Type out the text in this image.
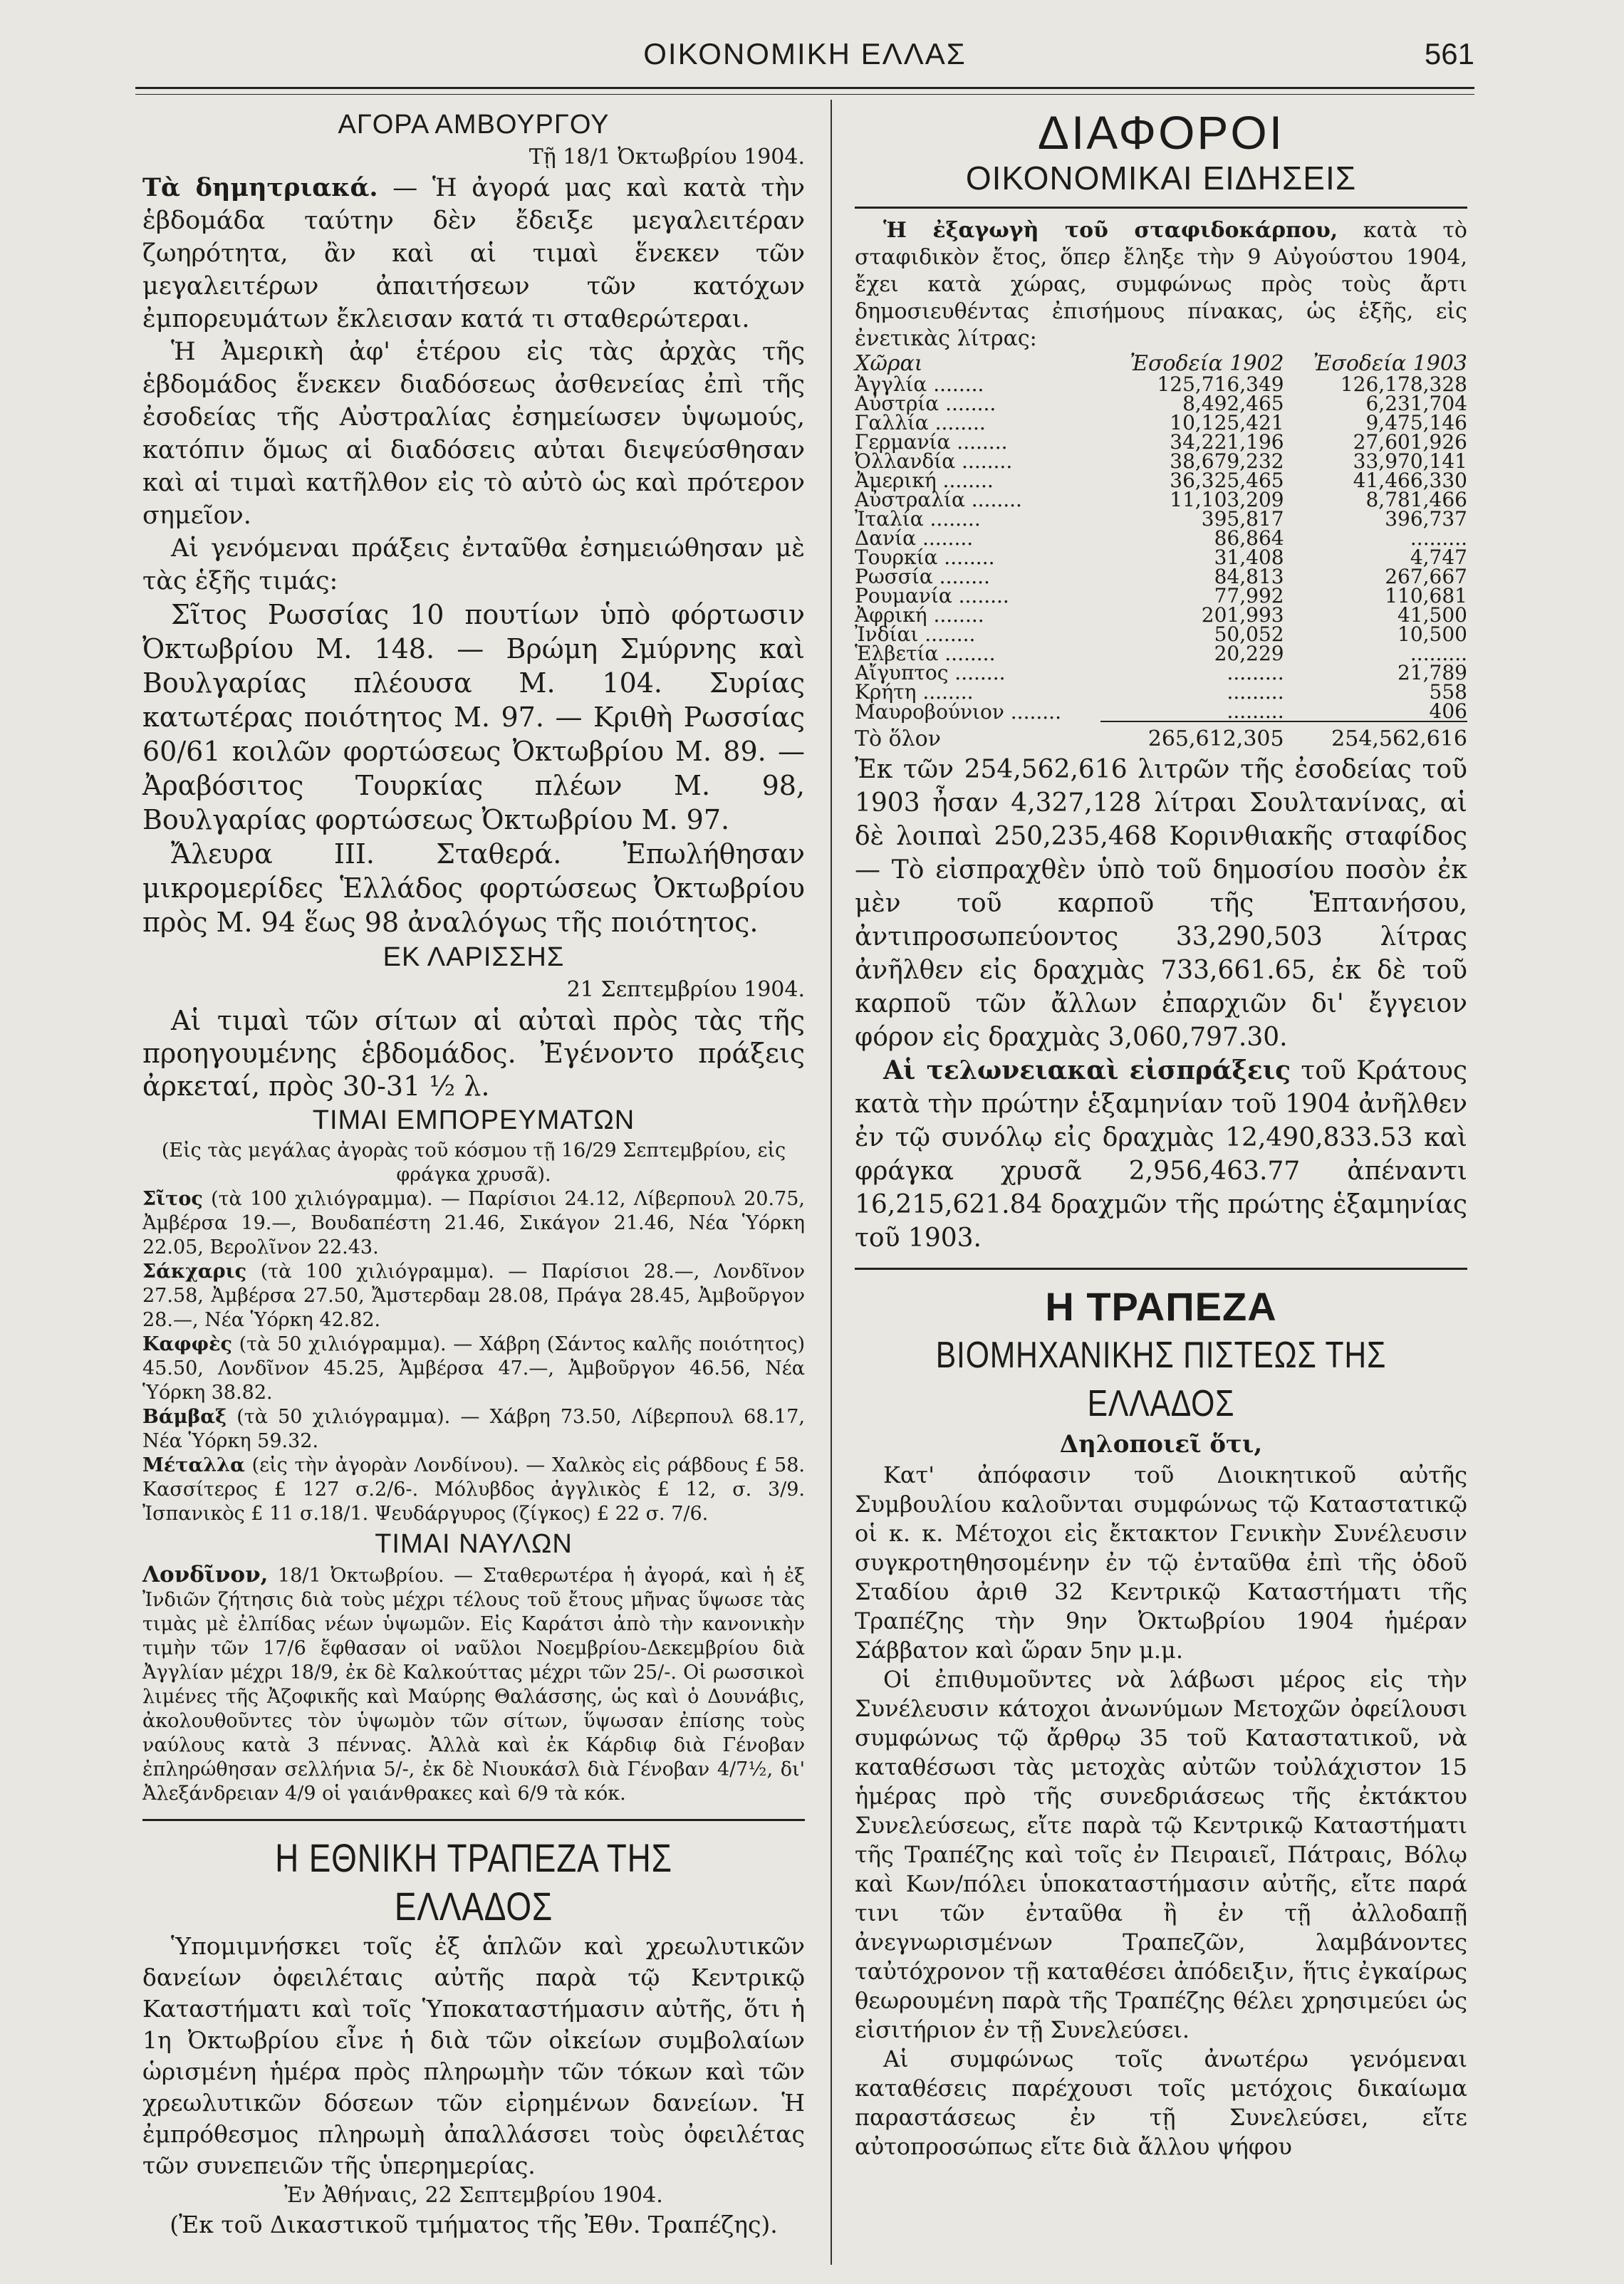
ΟΙΚΟΝΟΜΙΚΗ ΕΛΛΑΣ	561
ΑΓΟΡΑ ΑΜΒΟΥΡΓΟΥ
Τῇ 18/1 Ὀκτωβρίου 1904.

Τὰ δημητριακά. — Ἡ ἀγορά μας καὶ κατὰ τὴν ἑβδομάδα ταύτην δὲν ἔδειξε μεγαλειτέραν ζωηρότητα, ἂν καὶ αἱ τιμαὶ ἕνεκεν τῶν μεγαλειτέρων ἀπαιτήσεων τῶν κατόχων ἐμπορευμάτων ἔκλεισαν κατά τι σταθερώτεραι.

Ἡ Ἀμερικὴ ἀφ' ἑτέρου εἰς τὰς ἀρχὰς τῆς ἑβδομάδος ἕνεκεν διαδόσεως ἀσθενείας ἐπὶ τῆς ἐσοδείας τῆς Αὐστραλίας ἐσημείωσεν ὑψωμούς, κατόπιν ὅμως αἱ διαδόσεις αὐται διεψεύσθησαν καὶ αἱ τιμαὶ κατῆλθον εἰς τὸ αὐτὸ ὡς καὶ πρότερον σημεῖον.

Αἱ γενόμεναι πράξεις ἐνταῦθα ἐσημειώθησαν μὲ τὰς ἑξῆς τιμάς:

Σῖτος Ρωσσίας 10 πουτίων ὑπὸ φόρτωσιν Ὀκτωβρίου Μ. 148. — Βρώμη Σμύρνης καὶ Βουλγαρίας πλέουσα Μ. 104. Συρίας κατωτέρας ποιότητος Μ. 97. — Κριθὴ Ρωσσίας 60/61 κοιλῶν φορτώσεως Ὀκτωβρίου Μ. 89. — Ἀραβόσιτος Τουρκίας πλέων Μ. 98, Βουλγαρίας φορτώσεως Ὀκτωβρίου Μ. 97.

Ἄλευρα III. Σταθερά. Ἐπωλήθησαν μικρομερίδες Ἑλλάδος φορτώσεως Ὀκτωβρίου πρὸς Μ. 94 ἕως 98 ἀναλόγως τῆς ποιότητος.

ΕΚ ΛΑΡΙΣΣΗΣ
21 Σεπτεμβρίου 1904.

Αἱ τιμαὶ τῶν σίτων αἱ αὐταὶ πρὸς τὰς τῆς προηγουμένης ἑβδομάδος. Ἐγένοντο πράξεις ἀρκεταί, πρὸς 30-31 ½ λ.

ΤΙΜΑΙ ΕΜΠΟΡΕΥΜΑΤΩΝ

(Εἰς τὰς μεγάλας ἀγορὰς τοῦ κόσμου τῇ 16/29 Σεπτεμβρίου, εἰς φράγκα χρυσᾶ).

Σῖτος (τὰ 100 χιλιόγραμμα). — Παρίσιοι 24.12, Λίβερπουλ 20.75, Ἀμβέρσα 19.—, Βουδαπέστη 21.46, Σικάγον 21.46, Νέα Ὑόρκη 22.05, Βερολῖνον 22.43.

Σάκχαρις (τὰ 100 χιλιόγραμμα). — Παρίσιοι 28.—, Λονδῖνον 27.58, Ἀμβέρσα 27.50, Ἄμστερδαμ 28.08, Πράγα 28.45, Ἀμβοῦργον 28.—, Νέα Ὑόρκη 42.82.

Καφφὲς (τὰ 50 χιλιόγραμμα). — Χάβρη (Σάντος καλῆς ποιότητος) 45.50, Λονδῖνον 45.25, Ἀμβέρσα 47.—, Ἀμβοῦργον 46.56, Νέα Ὑόρκη 38.82.

Βάμβαξ (τὰ 50 χιλιόγραμμα). — Χάβρη 73.50, Λίβερπουλ 68.17, Νέα Ὑόρκη 59.32.

Μέταλλα (εἰς τὴν ἀγορὰν Λονδίνου). — Χαλκὸς εἰς ράβδους £ 58. Κασσίτερος £ 127 σ.2/6-. Μόλυβδος ἀγγλικὸς £ 12, σ. 3/9. Ἰσπανικὸς £ 11 σ.18/1. Ψευδάργυρος (ζίγκος) £ 22 σ. 7/6.

ΤΙΜΑΙ ΝΑΥΛΩΝ

Λονδῖνον, 18/1 Ὀκτωβρίου. — Σταθερωτέρα ἡ ἀγορά, καὶ ἡ ἐξ Ἰνδιῶν ζήτησις διὰ τοὺς μέχρι τέλους τοῦ ἔτους μῆνας ὕψωσε τὰς τιμὰς μὲ ἐλπίδας νέων ὑψωμῶν. Εἰς Καράτσι ἀπὸ τὴν κανονικὴν τιμὴν τῶν 17/6 ἔφθασαν οἱ ναῦλοι Νοεμβρίου-Δεκεμβρίου διὰ Ἀγγλίαν μέχρι 18/9, ἐκ δὲ Καλκούττας μέχρι τῶν 25/-. Οἱ ρωσσικοὶ λιμένες τῆς Ἀζοφικῆς καὶ Μαύρης Θαλάσσης, ὡς καὶ ὁ Δουνάβις, ἀκολουθοῦντες τὸν ὑψωμὸν τῶν σίτων, ὕψωσαν ἐπίσης τοὺς ναύλους κατὰ 3 πέννας. Ἀλλὰ καὶ ἐκ Κάρδιφ διὰ Γένοβαν ἐπληρώθησαν σελλήνια 5/-, ἐκ δὲ Νιουκάσλ διὰ Γένοβαν 4/7½, δι' Ἀλεξάνδρειαν 4/9 οἱ γαιάνθρακες καὶ 6/9 τὰ κόκ.

Η ΕΘΝΙΚΗ ΤΡΑΠΕΖΑ ΤΗΣ ΕΛΛΑΔΟΣ

Ὑπομιμνήσκει τοῖς ἐξ ἁπλῶν καὶ χρεωλυτικῶν δανείων ὀφειλέταις αὐτῆς παρὰ τῷ Κεντρικῷ Καταστήματι καὶ τοῖς Ὑποκαταστήμασιν αὐτῆς, ὅτι ἡ 1η Ὀκτωβρίου εἶνε ἡ διὰ τῶν οἰκείων συμβολαίων ὡρισμένη ἡμέρα πρὸς πληρωμὴν τῶν τόκων καὶ τῶν χρεωλυτικῶν δόσεων τῶν εἰρημένων δανείων. Ἡ ἐμπρόθεσμος πληρωμὴ ἀπαλλάσσει τοὺς ὀφειλέτας τῶν συνεπειῶν τῆς ὑπερημερίας.

Ἐν Ἀθήναις, 22 Σεπτεμβρίου 1904.

(Ἐκ τοῦ Δικαστικοῦ τμήματος τῆς Ἐθν. Τραπέζης).

ΔΙΑΦΟΡΟΙ
ΟΙΚΟΝΟΜΙΚΑΙ ΕΙΔΗΣΕΙΣ

Ἡ ἐξαγωγὴ τοῦ σταφιδοκάρπου, κατὰ τὸ σταφιδικὸν ἔτος, ὅπερ ἔληξε τὴν 9 Αὐγούστου 1904, ἔχει κατὰ χώρας, συμφώνως πρὸς τοὺς ἄρτι δημοσιευθέντας ἐπισήμους πίνακας, ὡς ἑξῆς, εἰς ἐνετικὰς λίτρας:

Χῶραι	Ἐσοδεία 1902	Ἐσοδεία 1903
Ἀγγλία ........	125,716,349	126,178,328
Αὐστρία ........	8,492,465	6,231,704
Γαλλία ........	10,125,421	9,475,146
Γερμανία ........	34,221,196	27,601,926
Ὀλλανδία ........	38,679,232	33,970,141
Ἀμερική ........	36,325,465	41,466,330
Αὐστραλία ........	11,103,209	8,781,466
Ἰταλία ........	395,817	396,737
Δανία ........	86,864	.........
Τουρκία ........	31,408	4,747
Ρωσσία ........	84,813	267,667
Ρουμανία ........	77,992	110,681
Ἀφρική ........	201,993	41,500
Ἰνδίαι ........	50,052	10,500
Ἑλβετία ........	20,229	.........
Αἴγυπτος ........	.........	21,789
Κρήτη ........	.........	558
Μαυροβούνιον ........	.........	406
Τὸ ὅλον	265,612,305	254,562,616

Ἐκ τῶν 254,562,616 λιτρῶν τῆς ἐσοδείας τοῦ 1903 ἦσαν 4,327,128 λίτραι Σουλτανίνας, αἱ δὲ λοιπαὶ 250,235,468 Κορινθιακῆς σταφίδος — Τὸ εἰσπραχθὲν ὑπὸ τοῦ δημοσίου ποσὸν ἐκ μὲν τοῦ καρποῦ τῆς Ἑπτανήσου, ἀντιπροσωπεύοντος 33,290,503 λίτρας ἀνῆλθεν εἰς δραχμὰς 733,661.65, ἐκ δὲ τοῦ καρποῦ τῶν ἄλλων ἐπαρχιῶν δι' ἔγγειον φόρον εἰς δραχμὰς 3,060,797.30.

Αἱ τελωνειακαὶ εἰσπράξεις τοῦ Κράτους κατὰ τὴν πρώτην ἑξαμηνίαν τοῦ 1904 ἀνῆλθεν ἐν τῷ συνόλῳ εἰς δραχμὰς 12,490,833.53 καὶ φράγκα χρυσᾶ 2,956,463.77 ἀπέναντι 16,215,621.84 δραχμῶν τῆς πρώτης ἑξαμηνίας τοῦ 1903.

Η ΤΡΑΠΕΖΑ
ΒΙΟΜΗΧΑΝΙΚΗΣ ΠΙΣΤΕΩΣ ΤΗΣ ΕΛΛΑΔΟΣ

Δηλοποιεῖ ὅτι,

Κατ' ἀπόφασιν τοῦ Διοικητικοῦ αὐτῆς Συμβουλίου καλοῦνται συμφώνως τῷ Καταστατικῷ οἱ κ. κ. Μέτοχοι εἰς ἔκτακτον Γενικὴν Συνέλευσιν συγκροτηθησομένην ἐν τῷ ἐνταῦθα ἐπὶ τῆς ὁδοῦ Σταδίου ἀριθ 32 Κεντρικῷ Καταστήματι τῆς Τραπέζης τὴν 9ην Ὀκτωβρίου 1904 ἡμέραν Σάββατον καὶ ὥραν 5ην μ.μ.

Οἱ ἐπιθυμοῦντες νὰ λάβωσι μέρος εἰς τὴν Συνέλευσιν κάτοχοι ἀνωνύμων Μετοχῶν ὀφείλουσι συμφώνως τῷ ἄρθρῳ 35 τοῦ Καταστατικοῦ, νὰ καταθέσωσι τὰς μετοχὰς αὐτῶν τοὐλάχιστον 15 ἡμέρας πρὸ τῆς συνεδριάσεως τῆς ἐκτάκτου Συνελεύσεως, εἴτε παρὰ τῷ Κεντρικῷ Καταστήματι τῆς Τραπέζης καὶ τοῖς ἐν Πειραιεῖ, Πάτραις, Βόλῳ καὶ Κων/πόλει ὑποκαταστήμασιν αὐτῆς, εἴτε παρά τινι τῶν ἐνταῦθα ἢ ἐν τῇ ἀλλοδαπῇ ἀνεγνωρισμένων Τραπεζῶν, λαμβάνοντες ταὐτόχρονον τῇ καταθέσει ἀπόδειξιν, ἥτις ἐγκαίρως θεωρουμένη παρὰ τῆς Τραπέζης θέλει χρησιμεύει ὡς εἰσιτήριον ἐν τῇ Συνελεύσει.

Αἱ συμφώνως τοῖς ἀνωτέρω γενόμεναι καταθέσεις παρέχουσι τοῖς μετόχοις δικαίωμα παραστάσεως ἐν τῇ Συνελεύσει, εἴτε αὐτοπροσώπως εἴτε διὰ ἄλλου ψήφου
